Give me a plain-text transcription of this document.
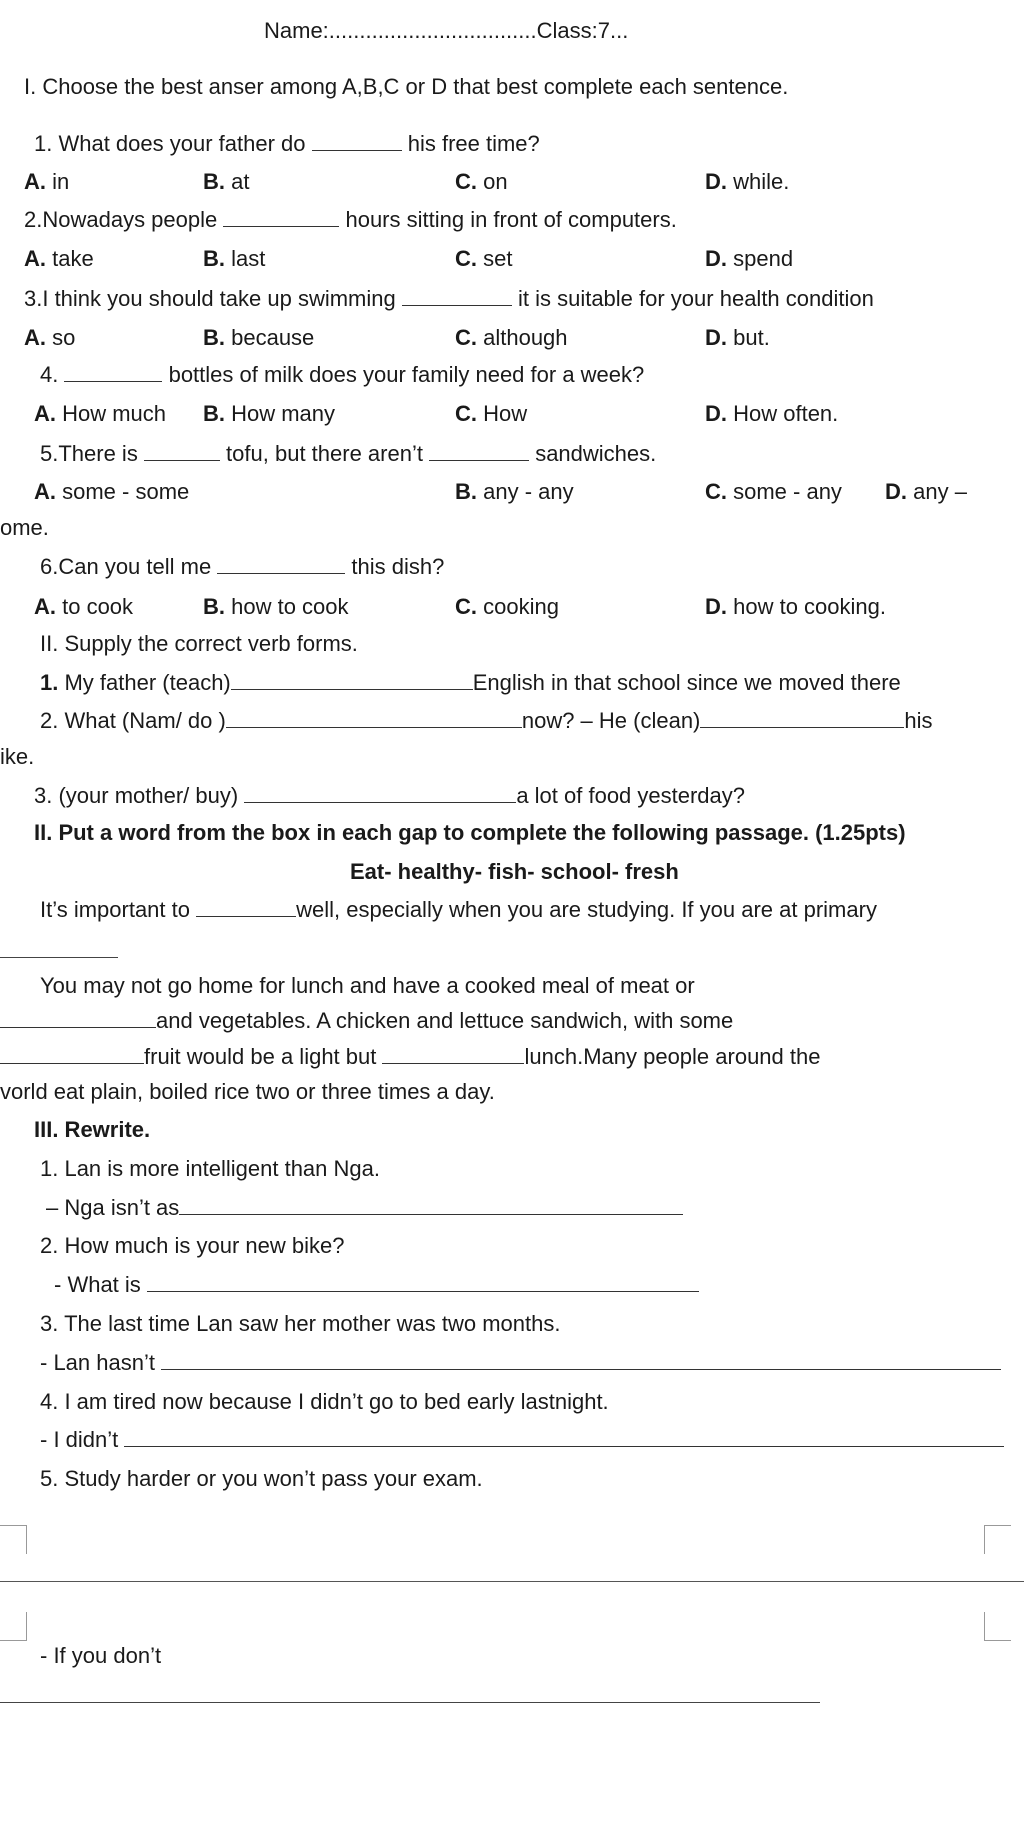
Name:..................................Class:7...
I. Choose the best anser among A,B,C or D that best complete each sentence.
1. What does your father do	his free time?
A. in	B. at	C. on	D. while.
2.Nowadays people	hours sitting in front of computers.
A. take	B. last	C. set	D. spend
3.I think you should take up swimming	it is suitable for your health condition
A. so	B. because	C. although	D. but.
4.	bottles of milk does your family need for a week?
A. How much B. How many	C. How	D. How often.
5.There is	tofu, but there aren’t	sandwiches.
A. some - some	B. any - any	C. some - any D. any –
ome.
6.Can you tell me	this dish?
A. to cook	B. how to cook	C. cooking	D. how to cooking.
II. Supply the correct verb forms.
1. My father (teach)	English in that school since we moved there
2. What (Nam/ do )	now? – He (clean)	his
ike.
3. (your mother/ buy)	a lot of food yesterday?
II. Put a word from the box in each gap to complete the following passage. (1.25pts)
Eat- healthy- fish- school- fresh
It’s important to	well, especially when you are studying. If you are at primary
You may not go home for lunch and have a cooked meal of meat or
and vegetables. A chicken and lettuce sandwich, with some
fruit would be a light but	lunch.Many people around the
vorld eat plain, boiled rice two or three times a day.
III. Rewrite.
1. Lan is more intelligent than Nga.
– Nga isn’t as
2. How much is your new bike?
- What is
3. The last time Lan saw her mother was two months.
- Lan hasn’t
4. I am tired now because I didn’t go to bed early lastnight.
- I didn’t
5. Study harder or you won’t pass your exam.
- If you don’t
